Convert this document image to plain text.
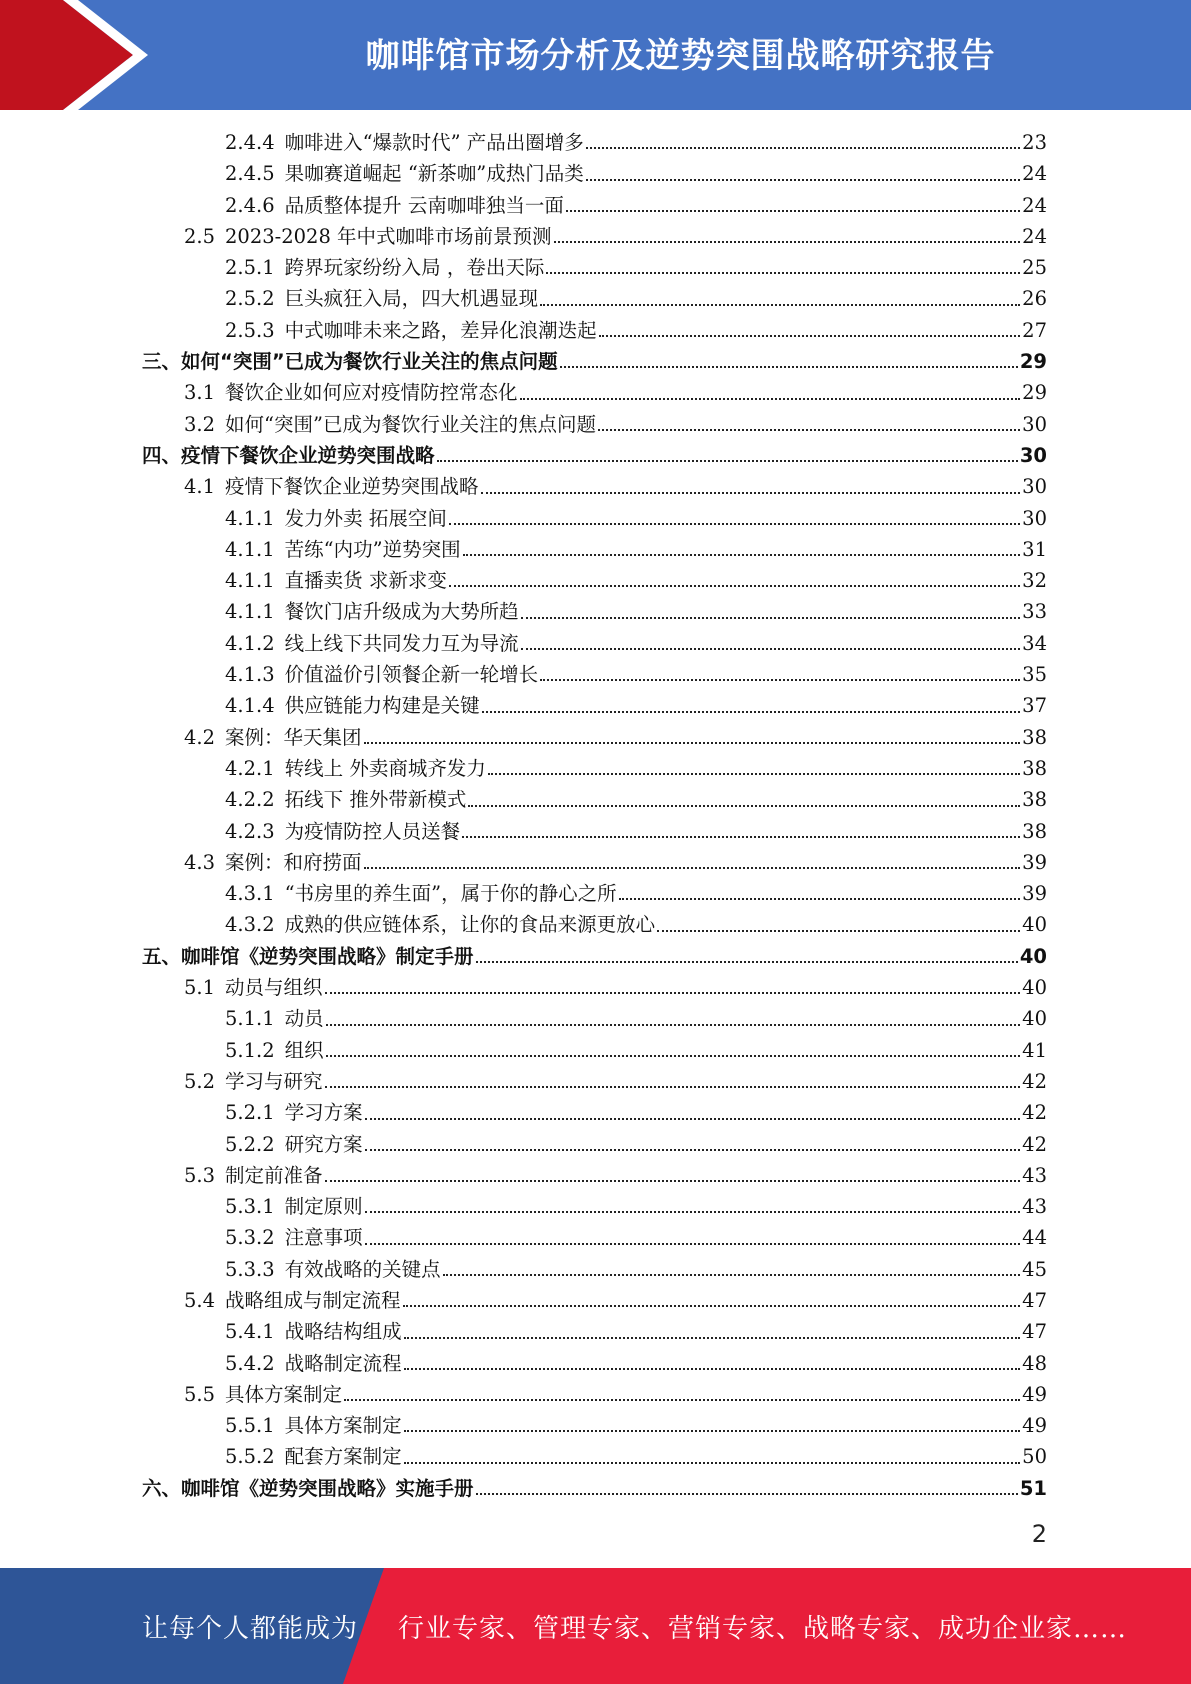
咖啡馆市场分析及逆势突围战略研究报告
2.4.4 咖啡进入“爆款时代” 产品出圈增多	23
2.4.5 果咖赛道崛起 “新茶咖”成热门品类	24
2.4.6 品质整体提升 云南咖啡独当一面	24
2.5 2023-2028 年中式咖啡市场前景预测	24
2.5.1 跨界玩家纷纷入局 ，卷出天际	25
2.5.2 巨头疯狂入局，四大机遇显现	26
2.5.3 中式咖啡未来之路，差异化浪潮迭起	27
三、如何“突围”已成为餐饮行业关注的焦点问题	29
3.1 餐饮企业如何应对疫情防控常态化	29
3.2 如何“突围”已成为餐饮行业关注的焦点问题	30
四、疫情下餐饮企业逆势突围战略	30
4.1 疫情下餐饮企业逆势突围战略	30
4.1.1 发力外卖 拓展空间	30
4.1.1 苦练“内功”逆势突围	31
4.1.1 直播卖货 求新求变	32
4.1.1 餐饮门店升级成为大势所趋	33
4.1.2 线上线下共同发力互为导流	34
4.1.3 价值溢价引领餐企新一轮增长	35
4.1.4 供应链能力构建是关键	37
4.2 案例：华天集团	38
4.2.1 转线上 外卖商城齐发力	38
4.2.2 拓线下 推外带新模式	38
4.2.3 为疫情防控人员送餐	38
4.3 案例：和府捞面	39
4.3.1 “书房里的养生面”，属于你的静心之所	39
4.3.2 成熟的供应链体系，让你的食品来源更放心	40
五、咖啡馆《逆势突围战略》制定手册	40
5.1 动员与组织	40
5.1.1 动员	40
5.1.2 组织	41
5.2 学习与研究	42
5.2.1 学习方案	42
5.2.2 研究方案	42
5.3 制定前准备	43
5.3.1 制定原则	43
5.3.2 注意事项	44
5.3.3 有效战略的关键点	45
5.4 战略组成与制定流程	47
5.4.1 战略结构组成	47
5.4.2 战略制定流程	48
5.5 具体方案制定	49
5.5.1 具体方案制定	49
5.5.2 配套方案制定	50
六、咖啡馆《逆势突围战略》实施手册	51
2
让每个人都能成为 行业专家、管理专家、营销专家、战略专家、成功企业家……
